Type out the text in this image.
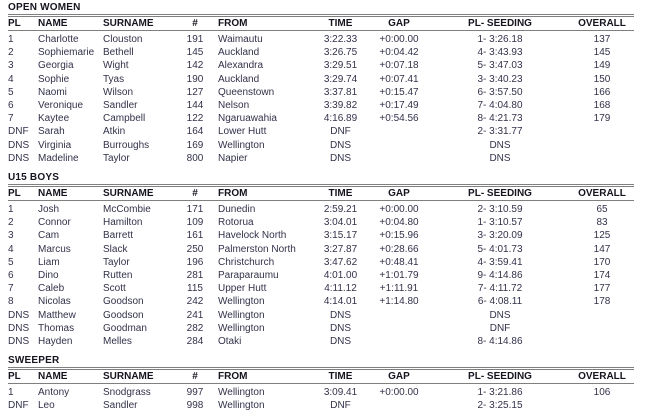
OPEN WOMEN
PL	NAME	SURNAME	#	FROM	TIME	GAP	PL- SEEDING	OVERALL
1	Charlotte	Clouston	191	Waimautu	3:22.33	+0:00.00	1- 3:26.18	137
2	Sophiemarie	Bethell	145	Auckland	3:26.75	+0:04.42	4- 3:43.93	145
3	Georgia	Wight	142	Alexandra	3:29.51	+0:07.18	5- 3:47.03	149
4	Sophie	Tyas	190	Auckland	3:29.74	+0:07.41	3- 3:40.23	150
5	Naomi	Wilson	127	Queenstown	3:37.81	+0:15.47	6- 3:57.50	166
6	Veronique	Sandler	144	Nelson	3:39.82	+0:17.49	7- 4:04.80	168
7	Kaytee	Campbell	122	Ngaruawahia	4:16.89	+0:54.56	8- 4:21.73	179
DNF	Sarah	Atkin	164	Lower Hutt	DNF		2- 3:31.77	
DNS	Virginia	Burroughs	169	Wellington	DNS		DNS	
DNS	Madeline	Taylor	800	Napier	DNS		DNS	
U15 BOYS
PL	NAME	SURNAME	#	FROM	TIME	GAP	PL- SEEDING	OVERALL
1	Josh	McCombie	171	Dunedin	2:59.21	+0:00.00	2- 3:10.59	65
2	Connor	Hamilton	109	Rotorua	3:04.01	+0:04.80	1- 3:10.57	83
3	Cam	Barrett	161	Havelock North	3:15.17	+0:15.96	3- 3:20.09	125
4	Marcus	Slack	250	Palmerston North	3:27.87	+0:28.66	5- 4:01.73	147
5	Liam	Taylor	196	Christchurch	3:47.62	+0:48.41	4- 3:59.41	170
6	Dino	Rutten	281	Paraparaumu	4:01.00	+1:01.79	9- 4:14.86	174
7	Caleb	Scott	115	Upper Hutt	4:11.12	+1:11.91	7- 4:11.72	177
8	Nicolas	Goodson	242	Wellington	4:14.01	+1:14.80	6- 4:08.11	178
DNS	Matthew	Goodson	241	Wellington	DNS		DNS	
DNS	Thomas	Goodman	282	Wellington	DNS		DNF	
DNS	Hayden	Melles	284	Otaki	DNS		8- 4:14.86	
SWEEPER
PL	NAME	SURNAME	#	FROM	TIME	GAP	PL- SEEDING	OVERALL
1	Antony	Snodgrass	997	Wellington	3:09.41	+0:00.00	1- 3:21.86	106
DNF	Leo	Sandler	998	Wellington	DNF		2- 3:25.15	
